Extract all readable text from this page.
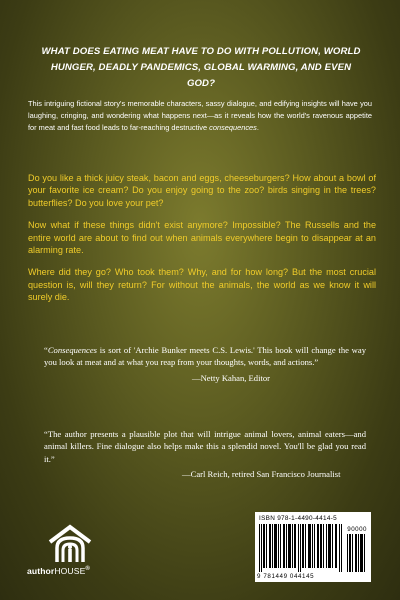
WHAT DOES EATING MEAT HAVE TO DO WITH POLLUTION, WORLD HUNGER, DEADLY PANDEMICS, GLOBAL WARMING, AND EVEN GOD?
This intriguing fictional story's memorable characters, sassy dialogue, and edifying insights will have you laughing, cringing, and wondering what happens next—as it reveals how the world's ravenous appetite for meat and fast food leads to far-reaching destructive consequences.

Do you like a thick juicy steak, bacon and eggs, cheeseburgers? How about a bowl of your favorite ice cream? Do you enjoy going to the zoo? birds singing in the trees? butterflies? Do you love your pet?

Now what if these things didn't exist anymore? Impossible? The Russells and the entire world are about to find out when animals everywhere begin to disappear at an alarming rate.

Where did they go? Who took them? Why, and for how long? But the most crucial question is, will they return? For without the animals, the world as we know it will surely die.

“Consequences is sort of 'Archie Bunker meets C.S. Lewis.' This book will change the way you look at meat and at what you reap from your thoughts, words, and actions.”

—Netty Kahan, Editor

“The author presents a plausible plot that will intrigue animal lovers, animal eaters—and animal killers. Fine dialogue also helps make this a splendid novel. You'll be glad you read it.”

—Carl Reich, retired San Francisco Journalist

authorHOUSE®
ISBN 978-1-4490-4414-5
90000
9 781449 044145
